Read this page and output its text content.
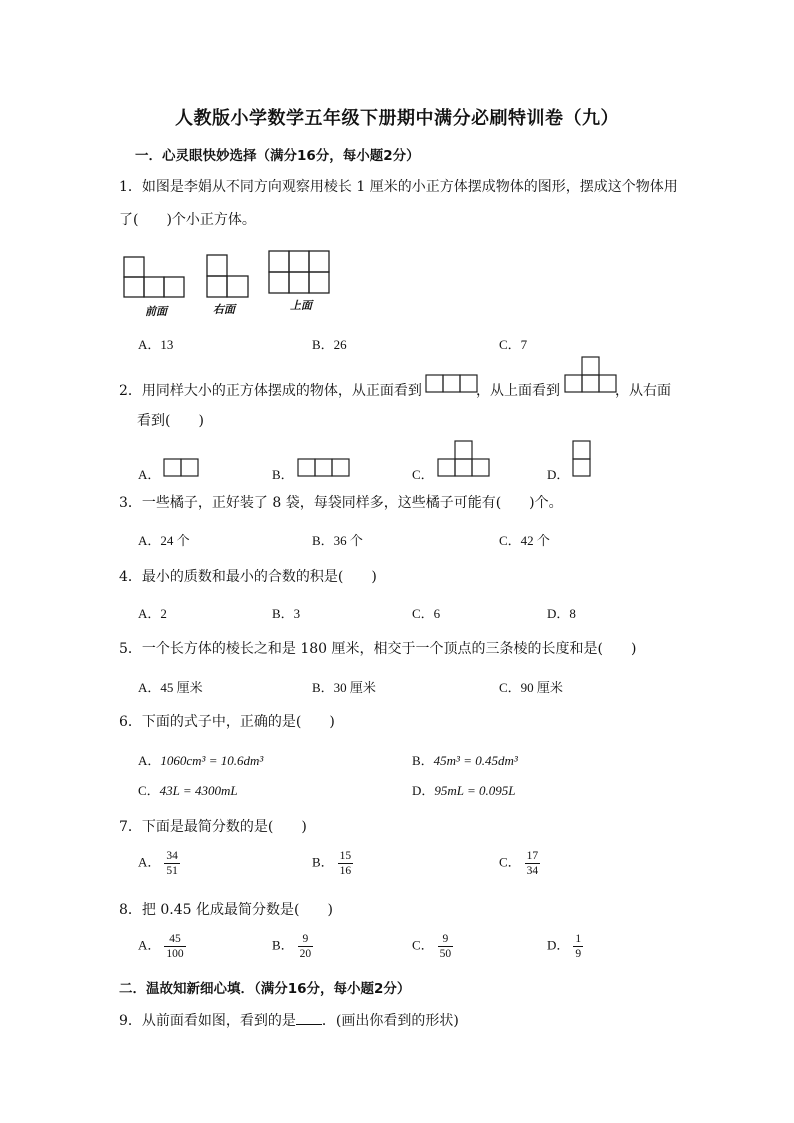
人教版小学数学五年级下册期中满分必刷特训卷（九）
一．心灵眼快妙选择（满分16分，每小题2分）
1．如图是李娟从不同方向观察用棱长 1 厘米的小正方体摆成物体的图形，摆成这个物体用
了(　　)个小正方体。
前面	右面	上面
A．13	B．26	C．7
2．用同样大小的正方体摆成的物体，从正面看到	，从上面看到	，从右面
看到(　　)
A．	B．	C．	D．
3．一些橘子，正好装了 8 袋，每袋同样多，这些橘子可能有(　　)个。
A．24 个	B．36 个	C．42 个
4．最小的质数和最小的合数的积是(　　)
A．2	B．3	C．6	D．8
5．一个长方体的棱长之和是 180 厘米，相交于一个顶点的三条棱的长度和是(　　)
A．45 厘米	B．30 厘米	C．90 厘米
6．下面的式子中，正确的是(　　)
A．1060cm³ = 10.6dm³	B．45m³ = 0.45dm³
C．43L = 4300mL	D．95mL = 0.095L
7．下面是最简分数的是(　　)
A． $\frac{34}{51}$	B． $\frac{15}{16}$	C． $\frac{17}{34}$
8．把 0.45 化成最简分数是(　　)
A． $\frac{45}{100}$	B． $\frac{9}{20}$	C． $\frac{9}{50}$	D． $\frac{1}{9}$
二．温故知新细心填．（满分16分，每小题2分）
9．从前面看如图，看到的是 ．(画出你看到的形状)
